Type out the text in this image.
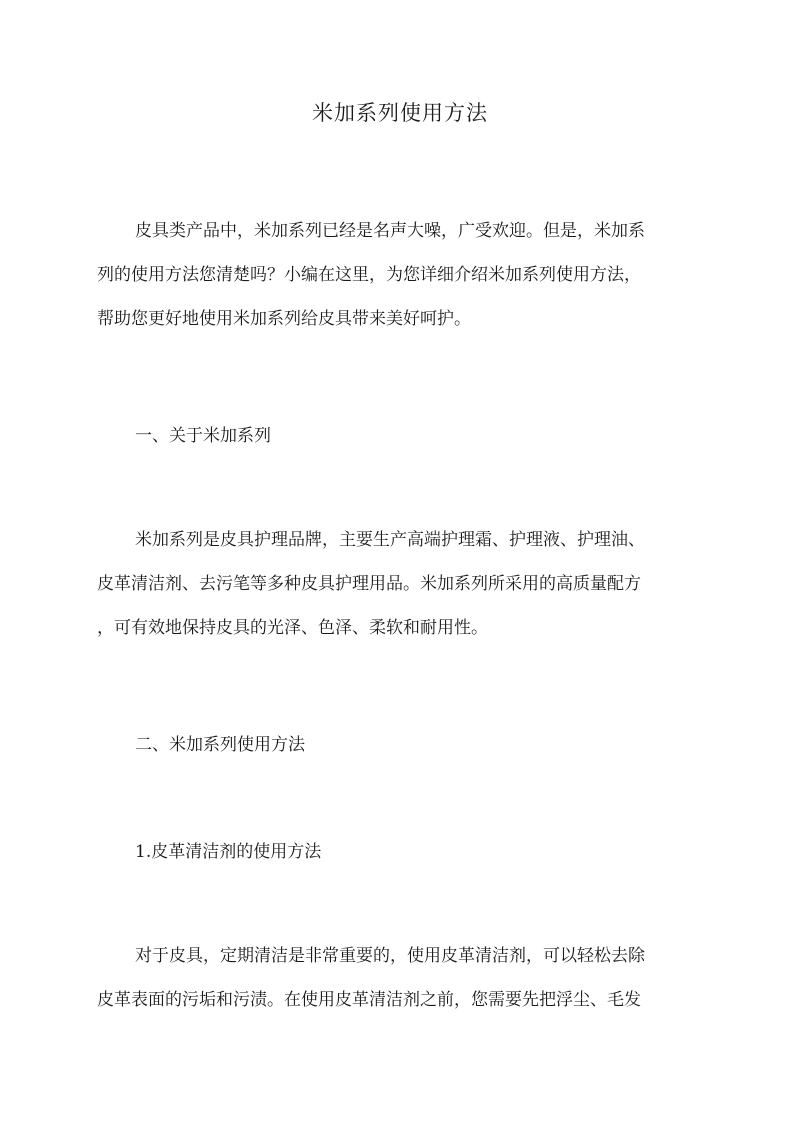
米加系列使用方法

皮具类产品中，米加系列已经是名声大噪，广受欢迎。但是，米加系
列的使用方法您清楚吗？小编在这里，为您详细介绍米加系列使用方法，
帮助您更好地使用米加系列给皮具带来美好呵护。

一、关于米加系列

米加系列是皮具护理品牌，主要生产高端护理霜、护理液、护理油、
皮革清洁剂、去污笔等多种皮具护理用品。米加系列所采用的高质量配方
，可有效地保持皮具的光泽、色泽、柔软和耐用性。

二、米加系列使用方法
1.皮革清洁剂的使用方法

对于皮具，定期清洁是非常重要的，使用皮革清洁剂，可以轻松去除
皮革表面的污垢和污渍。在使用皮革清洁剂之前，您需要先把浮尘、毛发
